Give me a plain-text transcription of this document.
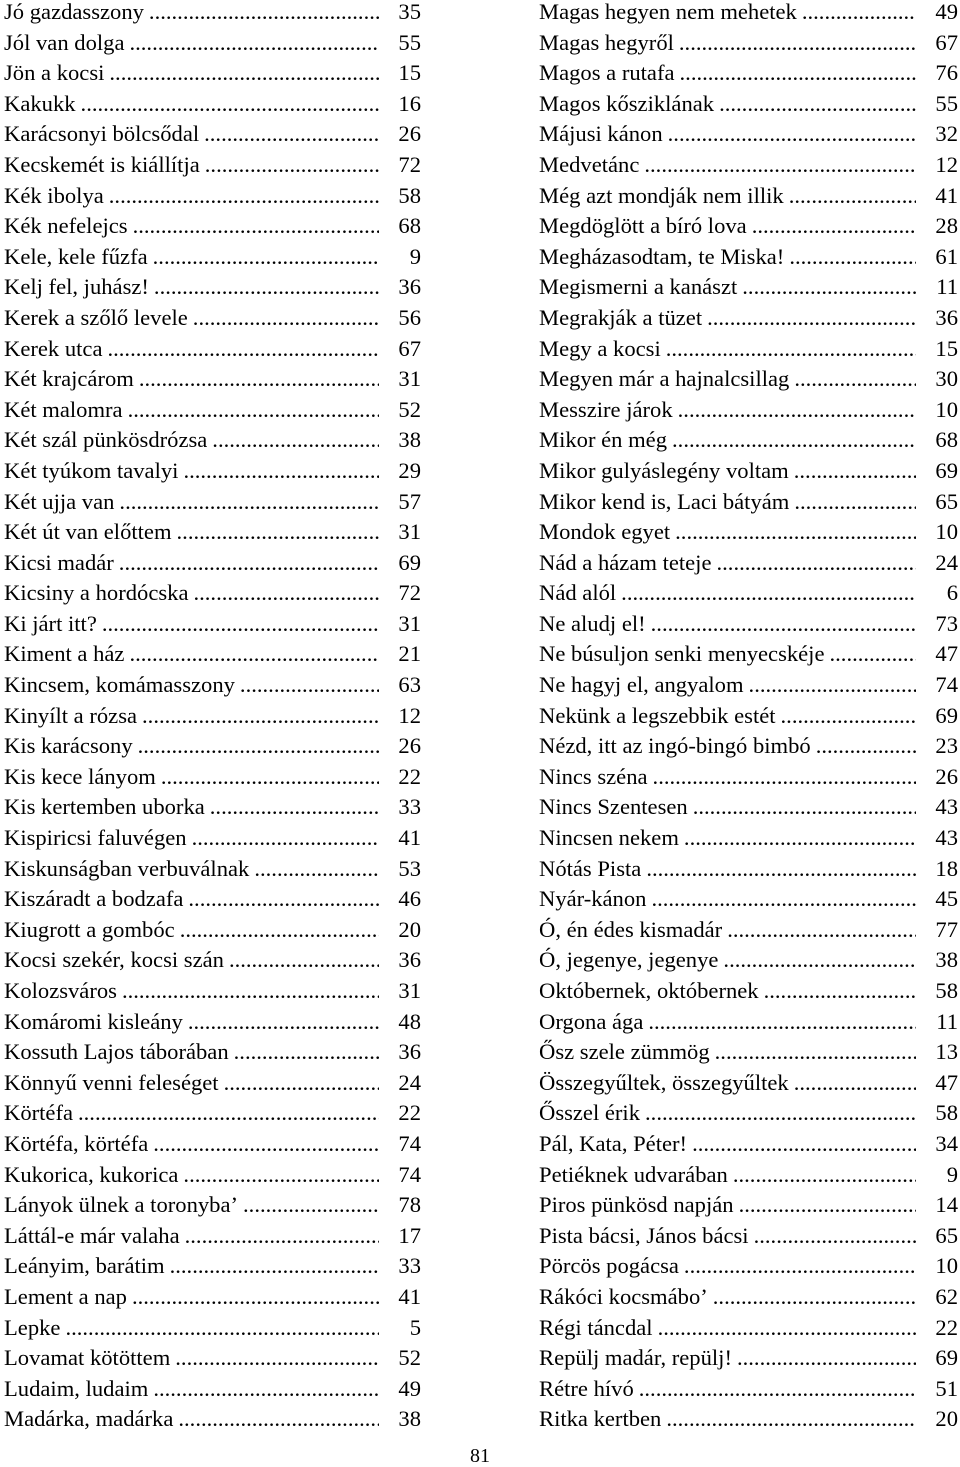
Jó gazdasszony .....	35
Jól van dolga .....	55
Jön a kocsi .....	15
Kakukk .....	16
Karácsonyi bölcsődal .....	26
Kecskemét is kiállítja .....	72
Kék ibolya .....	58
Kék nefelejcs .....	68
Kele, kele fűzfa .....	9
Kelj fel, juhász! .....	36
Kerek a szőlő levele .....	56
Kerek utca .....	67
Két krajcárom .....	31
Két malomra .....	52
Két szál pünkösdrózsa .....	38
Két tyúkom tavalyi .....	29
Két ujja van .....	57
Két út van előttem .....	31
Kicsi madár .....	69
Kicsiny a hordócska .....	72
Ki járt itt? .....	31
Kiment a ház .....	21
Kincsem, komámasszony .....	63
Kinyílt a rózsa .....	12
Kis karácsony .....	26
Kis kece lányom .....	22
Kis kertemben uborka .....	33
Kispiricsi faluvégen .....	41
Kiskunságban verbuválnak .....	53
Kiszáradt a bodzafa .....	46
Kiugrott a gombóc .....	20
Kocsi szekér, kocsi szán .....	36
Kolozsváros .....	31
Komáromi kisleány .....	48
Kossuth Lajos táborában .....	36
Könnyű venni feleséget .....	24
Körtéfa .....	22
Körtéfa, körtéfa .....	74
Kukorica, kukorica .....	74
Lányok ülnek a toronyba’ .....	78
Láttál-e már valaha .....	17
Leányim, barátim .....	33
Lement a nap .....	41
Lepke .....	5
Lovamat kötöttem .....	52
Ludaim, ludaim .....	49
Madárka, madárka .....	38
Magas hegyen nem mehetek .....	49
Magas hegyről .....	67
Magos a rutafa .....	76
Magos kősziklának .....	55
Májusi kánon .....	32
Medvetánc .....	12
Még azt mondják nem illik .....	41
Megdöglött a bíró lova .....	28
Megházasodtam, te Miska! .....	61
Megismerni a kanászt .....	11
Megrakják a tüzet .....	36
Megy a kocsi .....	15
Megyen már a hajnalcsillag .....	30
Messzire járok .....	10
Mikor én még .....	68
Mikor gulyáslegény voltam .....	69
Mikor kend is, Laci bátyám .....	65
Mondok egyet .....	10
Nád a házam teteje .....	24
Nád alól .....	6
Ne aludj el! .....	73
Ne búsuljon senki menyecskéje .....	47
Ne hagyj el, angyalom .....	74
Nekünk a legszebbik estét .....	69
Nézd, itt az ingó-bingó bimbó .....	23
Nincs széna .....	26
Nincs Szentesen .....	43
Nincsen nekem .....	43
Nótás Pista .....	18
Nyár-kánon .....	45
Ó, én édes kismadár .....	77
Ó, jegenye, jegenye .....	38
Októbernek, októbernek .....	58
Orgona ága .....	11
Ősz szele zümmög .....	13
Összegyűltek, összegyűltek .....	47
Ősszel érik .....	58
Pál, Kata, Péter! .....	34
Petiéknek udvarában .....	9
Piros pünkösd napján .....	14
Pista bácsi, János bácsi .....	65
Pörcös pogácsa .....	10
Rákóci kocsmábo’ .....	62
Régi táncdal .....	22
Repülj madár, repülj! .....	69
Rétre hívó .....	51
Ritka kertben .....	20
81
